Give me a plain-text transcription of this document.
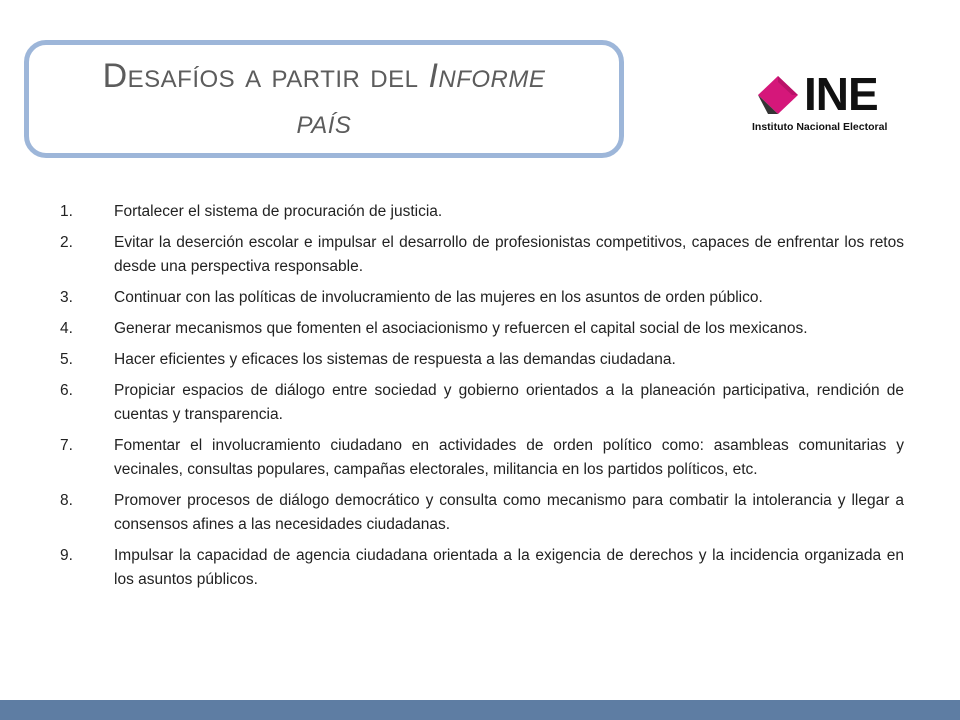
Desafíos a partir del Informe
país
INE
Instituto Nacional Electoral
1.	Fortalecer el sistema de procuración de justicia.
2.	Evitar la deserción escolar e impulsar el desarrollo de profesionistas competitivos, capaces de enfrentar los retos desde una perspectiva responsable.
3.	Continuar con las políticas de involucramiento de las mujeres en los asuntos de orden público.
4.	Generar mecanismos que fomenten el asociacionismo y refuercen el capital social de los mexicanos.
5.	Hacer eficientes y eficaces los sistemas de respuesta a las demandas ciudadana.
6.	Propiciar espacios de diálogo entre sociedad y gobierno orientados a la planeación participativa, rendición de cuentas y transparencia.
7.	Fomentar el involucramiento ciudadano en actividades de orden político como: asambleas comunitarias y vecinales, consultas populares, campañas electorales, militancia en los partidos políticos, etc.
8.	Promover procesos de diálogo democrático y consulta como mecanismo para combatir la intolerancia y llegar a consensos afines a las necesidades ciudadanas.
9.	Impulsar la capacidad de agencia ciudadana orientada a la exigencia de derechos y la incidencia organizada en los asuntos públicos.
